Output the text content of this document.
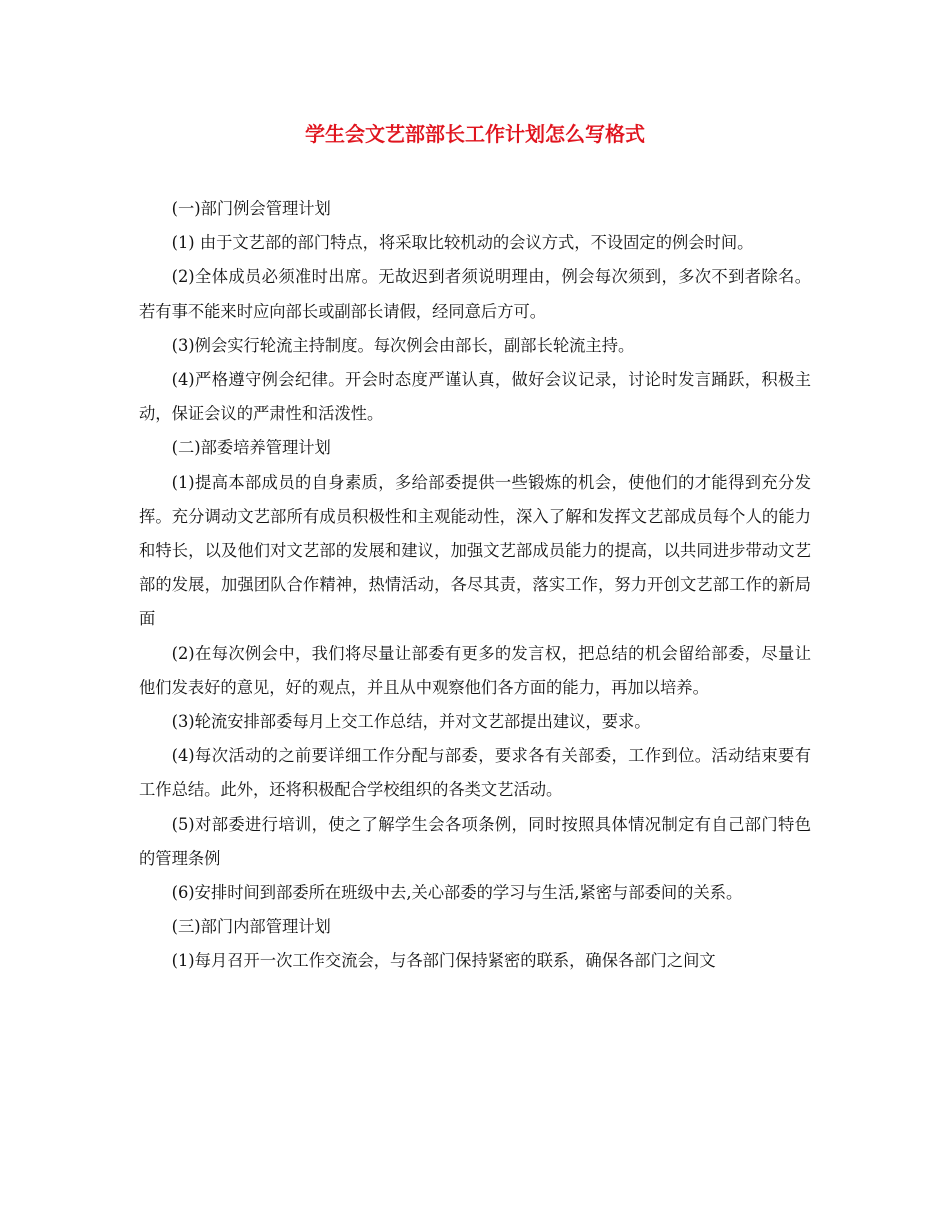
学生会文艺部部长工作计划怎么写格式

(一)部门例会管理计划

(1) 由于文艺部的部门特点，将采取比较机动的会议方式，不设固定的例会时间。

(2)全体成员必须准时出席。无故迟到者须说明理由，例会每次须到，多次不到者除名。若有事不能来时应向部长或副部长请假，经同意后方可。

(3)例会实行轮流主持制度。每次例会由部长，副部长轮流主持。

(4)严格遵守例会纪律。开会时态度严谨认真，做好会议记录，讨论时发言踊跃，积极主动，保证会议的严肃性和活泼性。

(二)部委培养管理计划

(1)提高本部成员的自身素质，多给部委提供一些锻炼的机会，使他们的才能得到充分发挥。充分调动文艺部所有成员积极性和主观能动性，深入了解和发挥文艺部成员每个人的能力和特长，以及他们对文艺部的发展和建议，加强文艺部成员能力的提高，以共同进步带动文艺部的发展，加强团队合作精神，热情活动，各尽其责，落实工作，努力开创文艺部工作的新局面

(2)在每次例会中，我们将尽量让部委有更多的发言权，把总结的机会留给部委，尽量让他们发表好的意见，好的观点，并且从中观察他们各方面的能力，再加以培养。

(3)轮流安排部委每月上交工作总结，并对文艺部提出建议，要求。

(4)每次活动的之前要详细工作分配与部委，要求各有关部委，工作到位。活动结束要有工作总结。此外，还将积极配合学校组织的各类文艺活动。

(5)对部委进行培训，使之了解学生会各项条例，同时按照具体情况制定有自己部门特色的管理条例

(6)安排时间到部委所在班级中去,关心部委的学习与生活,紧密与部委间的关系。

(三)部门内部管理计划

(1)每月召开一次工作交流会，与各部门保持紧密的联系，确保各部门之间文
